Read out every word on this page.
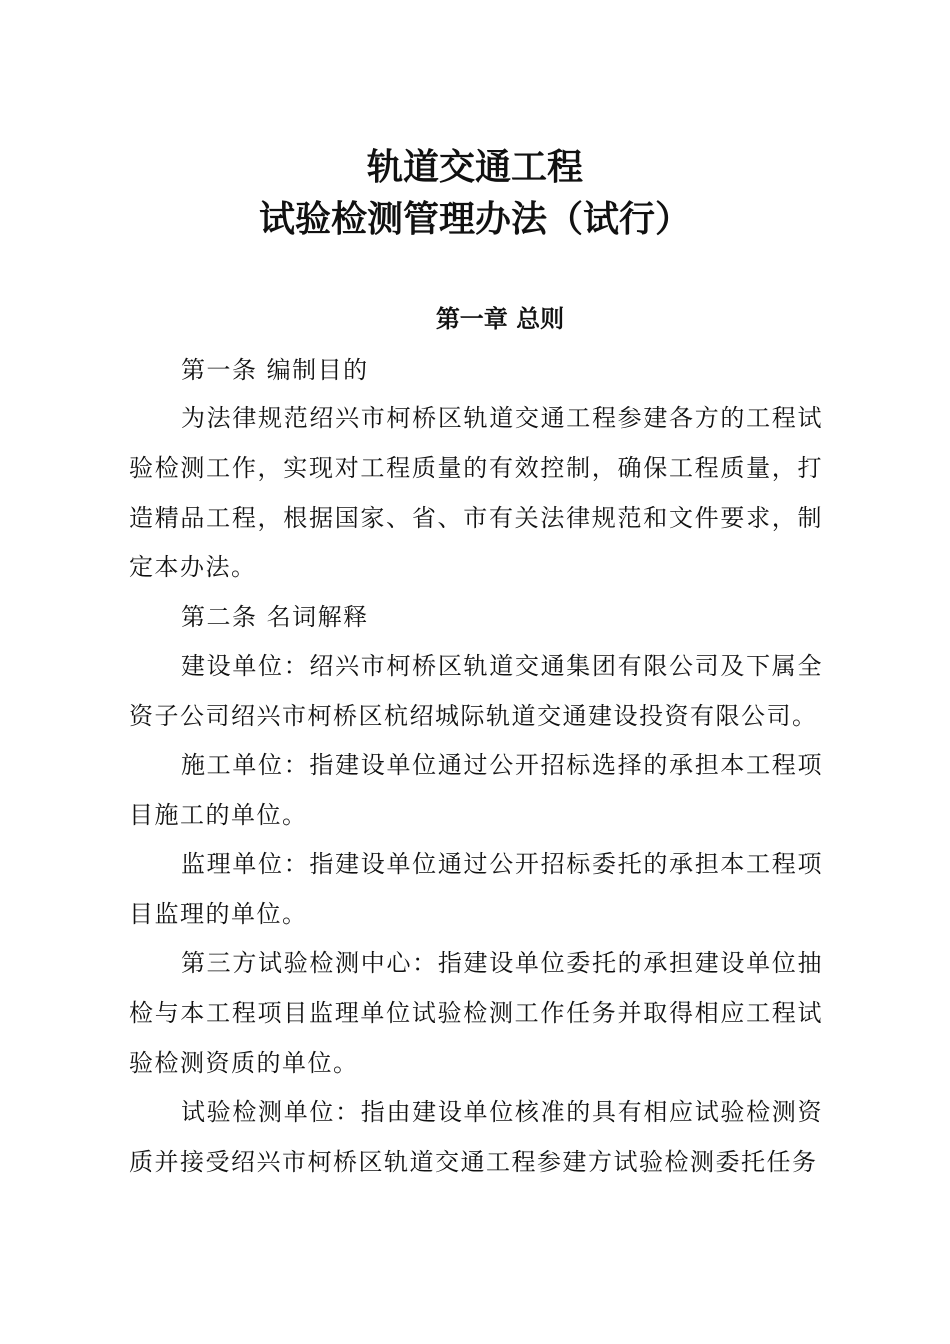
轨道交通工程
试验检测管理办法（试行）
第一章 总则

第一条 编制目的

为法律规范绍兴市柯桥区轨道交通工程参建各方的工程试验检测工作，实现对工程质量的有效控制，确保工程质量，打造精品工程，根据国家、省、市有关法律规范和文件要求，制定本办法。

第二条 名词解释

建设单位：绍兴市柯桥区轨道交通集团有限公司及下属全资子公司绍兴市柯桥区杭绍城际轨道交通建设投资有限公司。

施工单位：指建设单位通过公开招标选择的承担本工程项目施工的单位。

监理单位：指建设单位通过公开招标委托的承担本工程项目监理的单位。

第三方试验检测中心：指建设单位委托的承担建设单位抽检与本工程项目监理单位试验检测工作任务并取得相应工程试验检测资质的单位。

试验检测单位：指由建设单位核准的具有相应试验检测资质并接受绍兴市柯桥区轨道交通工程参建方试验检测委托任务
